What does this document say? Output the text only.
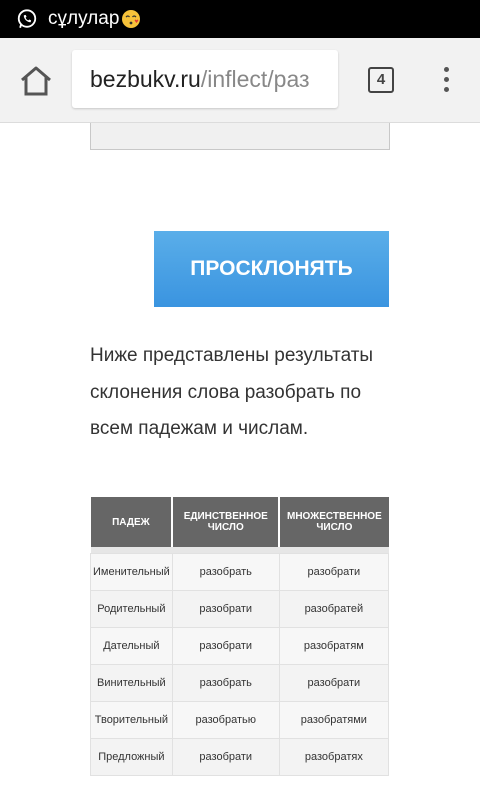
сұлулар
bezbukv.ru/inflect/раз	4
ПРОСКЛОНЯТЬ
Ниже представлены результаты склонения слова разобрать по всем падежам и числам.
ПАДЕЖ	ЕДИНСТВЕННОЕ ЧИСЛО	МНОЖЕСТВЕННОЕ ЧИСЛО

Именительный	разобрать	разобрати
Родительный	разобрати	разобратей
Дательный	разобрати	разобратям
Винительный	разобрать	разобрати
Творительный	разобратью	разобратями
Предложный	разобрати	разобратях
